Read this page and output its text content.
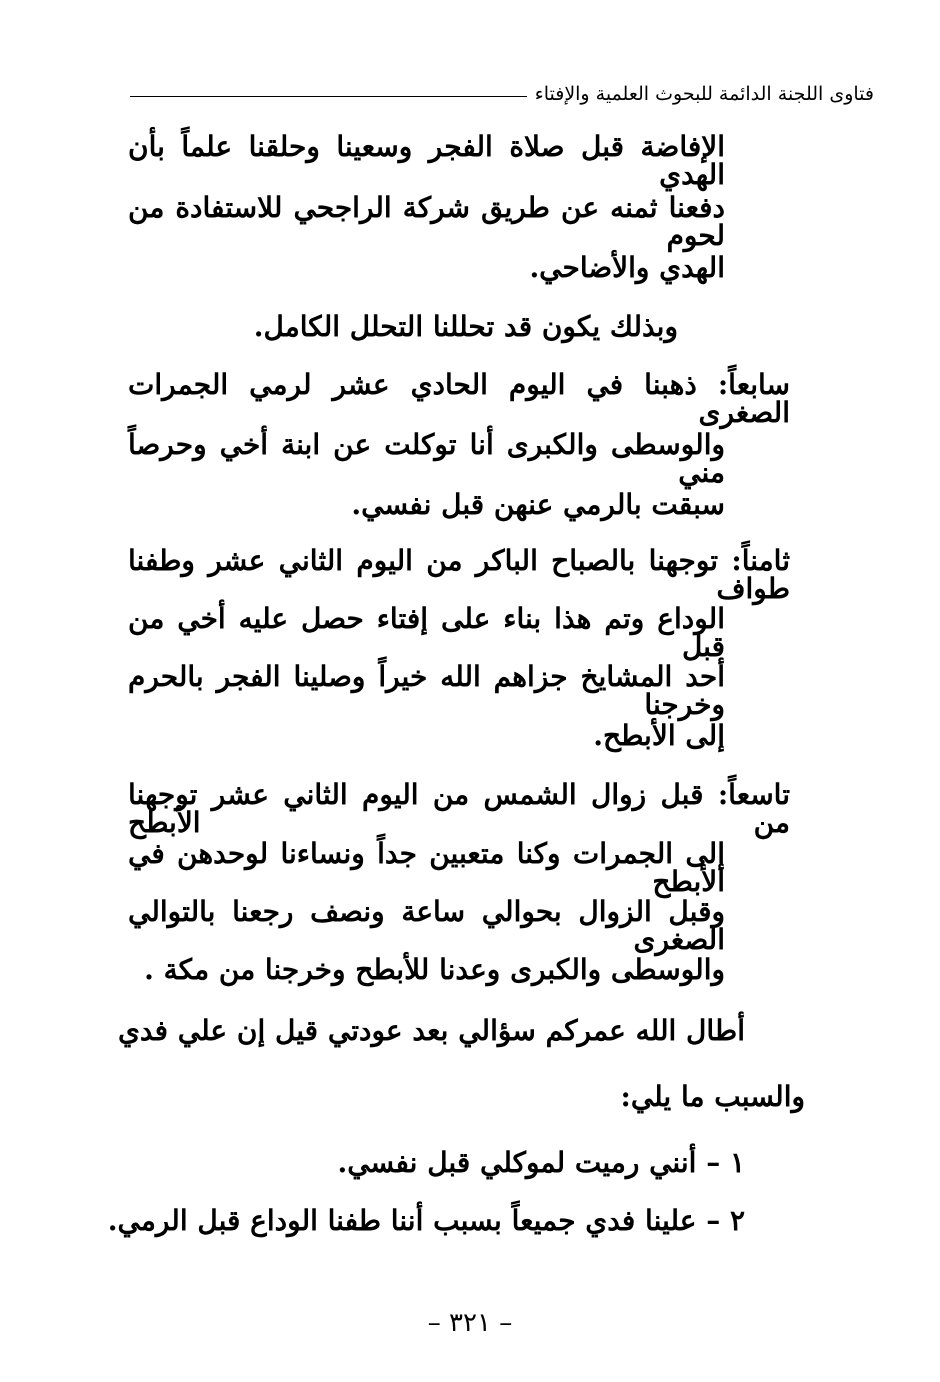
فتاوى اللجنة الدائمة للبحوث العلمية والإفتاء
الإفاضة قبل صلاة الفجر وسعينا وحلقنا علماً بأن الهدي
دفعنا ثمنه عن طريق شركة الراجحي للاستفادة من لحوم
الهدي والأضاحي.
وبذلك يكون قد تحللنا التحلل الكامل.
سابعاً: ذهبنا في اليوم الحادي عشر لرمي الجمرات الصغرى
والوسطى والكبرى أنا توكلت عن ابنة أخي وحرصاً مني
سبقت بالرمي عنهن قبل نفسي.
ثامناً: توجهنا بالصباح الباكر من اليوم الثاني عشر وطفنا طواف
الوداع وتم هذا بناء على إفتاء حصل عليه أخي من قبل
أحد المشايخ جزاهم الله خيراً وصلينا الفجر بالحرم وخرجنا
إلى الأبطح.
تاسعاً: قبل زوال الشمس من اليوم الثاني عشر توجهنا من الأبطح
إلى الجمرات وكنا متعبين جداً ونساءنا لوحدهن في الأبطح
وقبل الزوال بحوالي ساعة ونصف رجعنا بالتوالي الصغرى
والوسطى والكبرى وعدنا للأبطح وخرجنا من مكة .
أطال الله عمركم سؤالي بعد عودتي قيل إن علي فدي
والسبب ما يلي:
١ – أنني رميت لموكلي قبل نفسي.
٢ – علينا فدي جميعاً بسبب أننا طفنا الوداع قبل الرمي.
– ٣٢١ –
